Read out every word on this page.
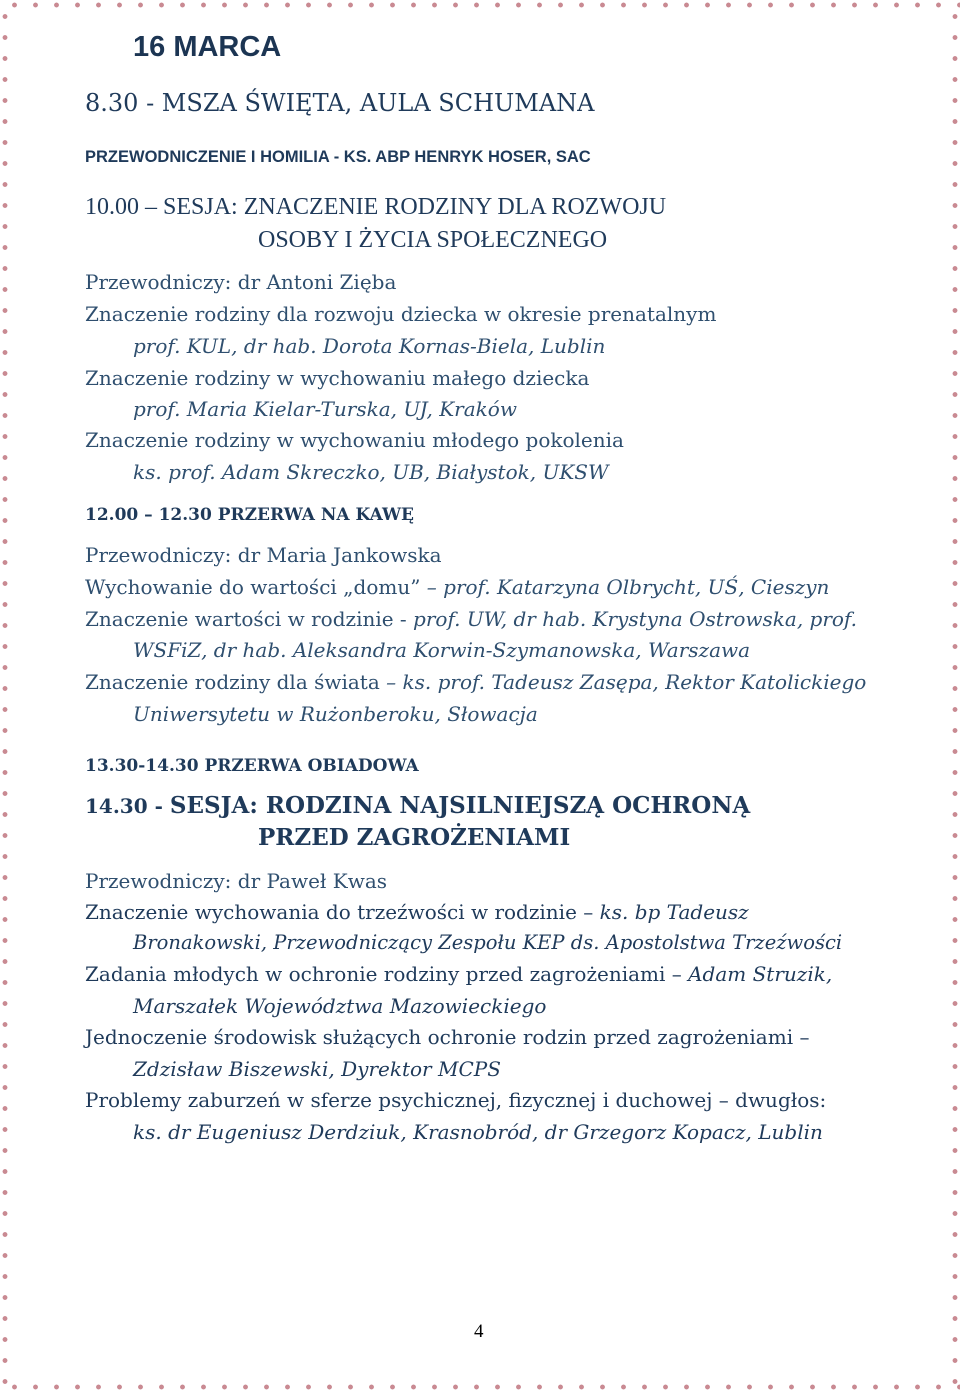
16 MARCA
8.30 - MSZA ŚWIĘTA, AULA SCHUMANA
PRZEWODNICZENIE I HOMILIA - KS. ABP HENRYK HOSER, SAC
10.00 – SESJA: ZNACZENIE RODZINY DLA ROZWOJU
OSOBY I ŻYCIA SPOŁECZNEGO
Przewodniczy: dr Antoni Zięba
Znaczenie rodziny dla rozwoju dziecka w okresie prenatalnym
prof. KUL, dr hab. Dorota Kornas-Biela, Lublin
Znaczenie rodziny w wychowaniu małego dziecka
prof. Maria Kielar-Turska, UJ, Kraków
Znaczenie rodziny w wychowaniu młodego pokolenia
ks. prof. Adam Skreczko, UB, Białystok, UKSW
12.00 – 12.30 PRZERWA NA KAWĘ
Przewodniczy: dr Maria Jankowska
Wychowanie do wartości „domu” – prof. Katarzyna Olbrycht, UŚ, Cieszyn
Znaczenie wartości w rodzinie - prof. UW, dr hab. Krystyna Ostrowska, prof.
WSFiZ, dr hab. Aleksandra Korwin-Szymanowska, Warszawa
Znaczenie rodziny dla świata – ks. prof. Tadeusz Zasępa, Rektor Katolickiego
Uniwersytetu w Rużonberoku, Słowacja
13.30-14.30 PRZERWA OBIADOWA
14.30 - SESJA: RODZINA NAJSILNIEJSZĄ OCHRONĄ
PRZED ZAGROŻENIAMI
Przewodniczy: dr Paweł Kwas
Znaczenie wychowania do trzeźwości w rodzinie – ks. bp Tadeusz
Bronakowski, Przewodniczący Zespołu KEP ds. Apostolstwa Trzeźwości
Zadania młodych w ochronie rodziny przed zagrożeniami – Adam Struzik,
Marszałek Województwa Mazowieckiego
Jednoczenie środowisk służących ochronie rodzin przed zagrożeniami –
Zdzisław Biszewski, Dyrektor MCPS
Problemy zaburzeń w sferze psychicznej, fizycznej i duchowej – dwugłos:
ks. dr Eugeniusz Derdziuk, Krasnobród, dr Grzegorz Kopacz, Lublin
4
